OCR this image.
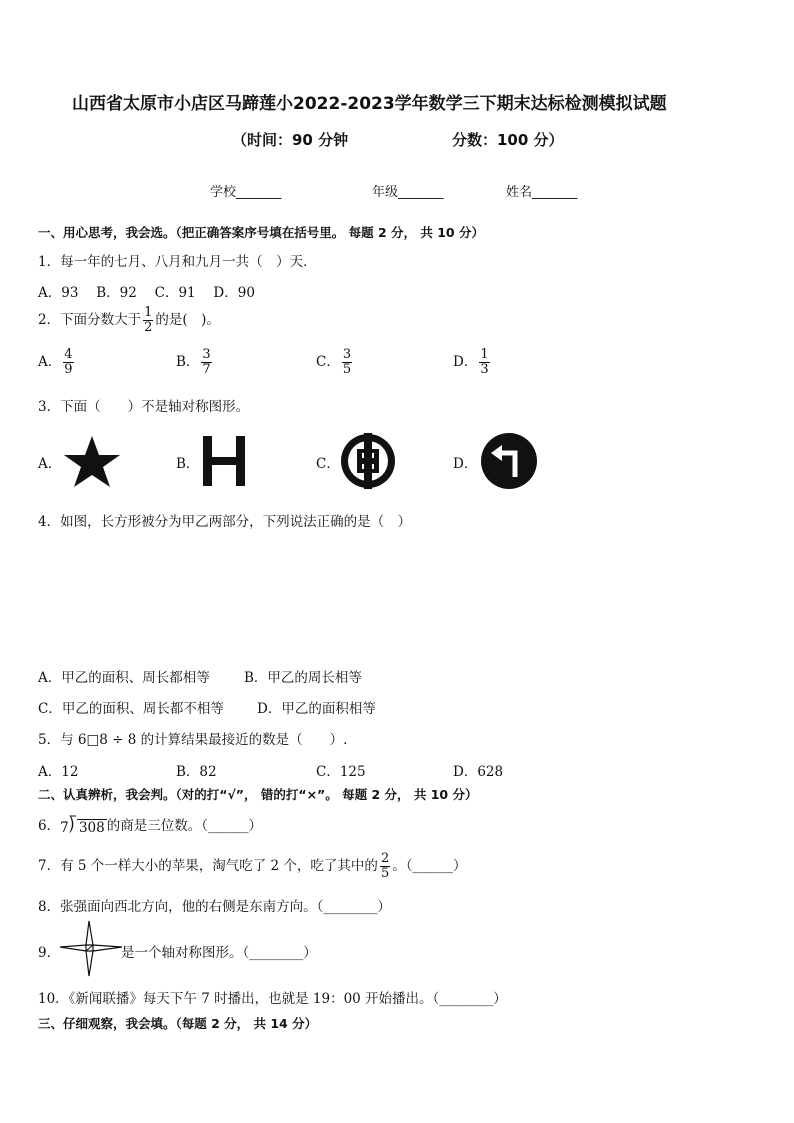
山西省太原市小店区马蹄莲小2022-2023学年数学三下期末达标检测模拟试题
（时间：90 分钟	分数：100 分）
学校_______	年级_______	姓名_______
一、用心思考，我会选。（把正确答案序号填在括号里。 每题 2 分， 共 10 分）
1．每一年的七月、八月和九月一共（　）天．
A．93　 B．92　 C．91　 D．90
2．下面分数大于 $\frac{1}{2}$ 的是(　)。
A． $\frac{4}{9}$	B． $\frac{3}{7}$	C． $\frac{3}{5}$	D． $\frac{1}{3}$
3．下面（　　）不是轴对称图形。
A．	B．	C．	D．
4．如图，长方形被分为甲乙两部分，下列说法正确的是（　）
A．甲乙的面积、周长都相等	B．甲乙的周长相等
C．甲乙的面积、周长都不相等 D．甲乙的面积相等
5．与 6□8 ÷ 8 的计算结果最接近的数是（　　）.
A．12	B．82	C．125	D．628
二、认真辨析，我会判。（对的打“√”， 错的打“×”。 每题 2 分， 共 10 分）
6． 7 ⟌ 308 的商是三位数。（______）
7．有 5 个一样大小的苹果，淘气吃了 2 个，吃了其中的 $\frac{2}{5}$ 。（______）
8．张强面向西北方向，他的右侧是东南方向。（________）
9．	是一个轴对称图形。（________）
10．《新闻联播》每天下午 7 时播出，也就是 19：00 开始播出。（________）
三、仔细观察，我会填。（每题 2 分， 共 14 分）
